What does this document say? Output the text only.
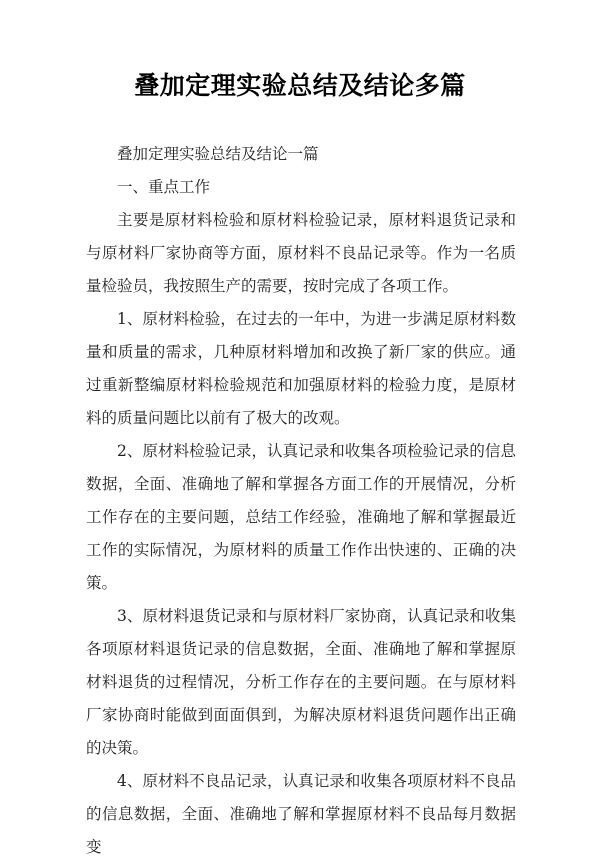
叠加定理实验总结及结论多篇

叠加定理实验总结及结论一篇

一、重点工作

主要是原材料检验和原材料检验记录，原材料退货记录和与原材料厂家协商等方面，原材料不良品记录等。作为一名质量检验员，我按照生产的需要，按时完成了各项工作。

1、原材料检验，在过去的一年中，为进一步满足原材料数量和质量的需求，几种原材料增加和改换了新厂家的供应。通过重新整编原材料检验规范和加强原材料的检验力度，是原材料的质量问题比以前有了极大的改观。

2、原材料检验记录，认真记录和收集各项检验记录的信息数据，全面、准确地了解和掌握各方面工作的开展情况，分析工作存在的主要问题，总结工作经验，准确地了解和掌握最近工作的实际情况，为原材料的质量工作作出快速的、正确的决策。

3、原材料退货记录和与原材料厂家协商，认真记录和收集各项原材料退货记录的信息数据，全面、准确地了解和掌握原材料退货的过程情况，分析工作存在的主要问题。在与原材料厂家协商时能做到面面俱到，为解决原材料退货问题作出正确的决策。

4、原材料不良品记录，认真记录和收集各项原材料不良品的信息数据，全面、准确地了解和掌握原材料不良品每月数据变
